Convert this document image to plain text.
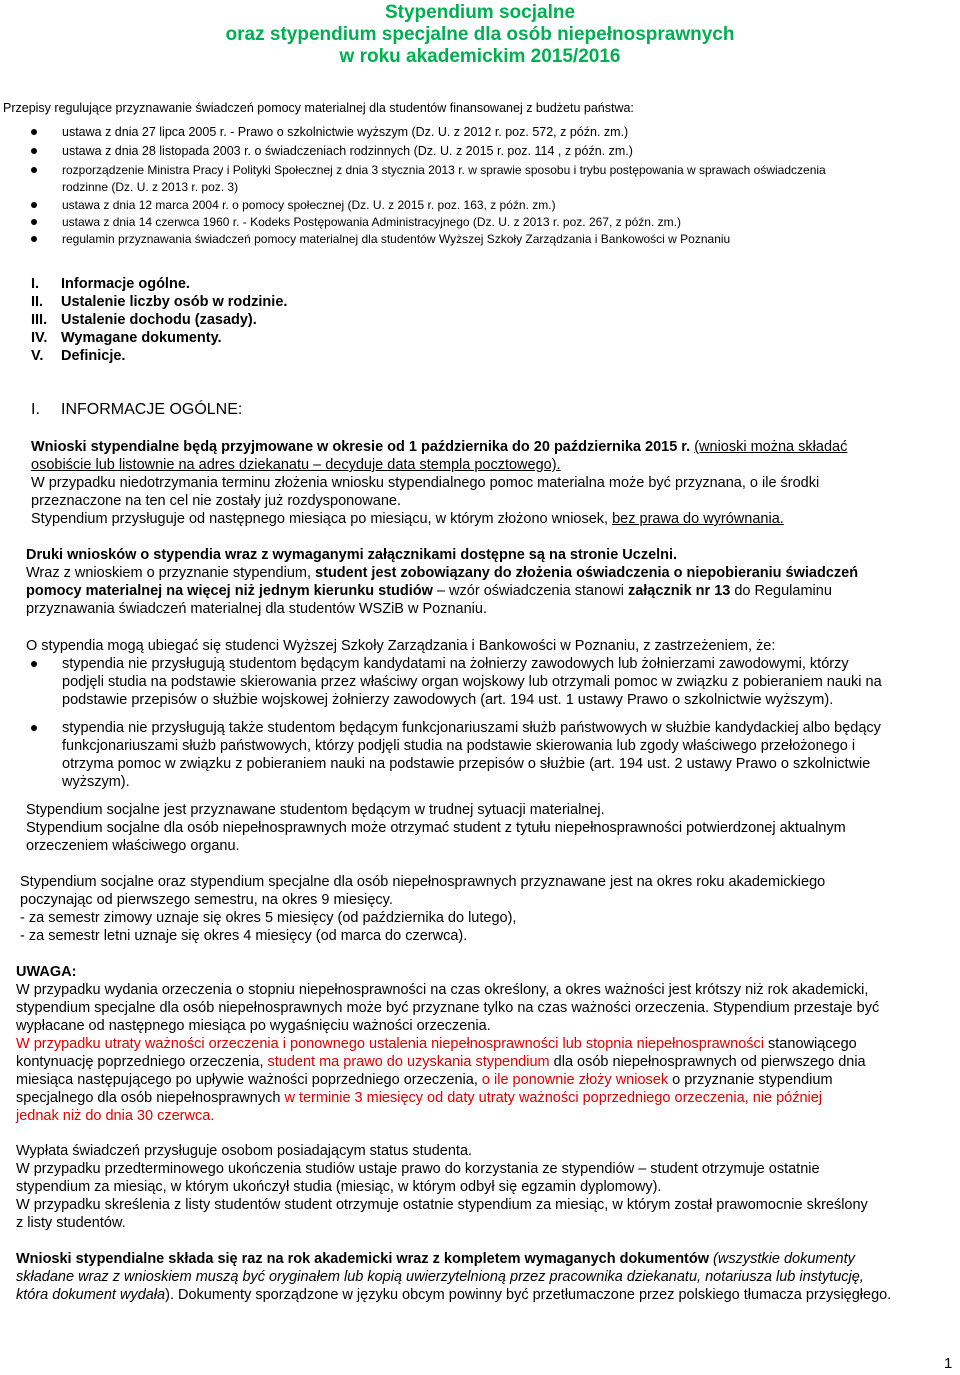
Stypendium socjalne
oraz stypendium specjalne dla osób niepełnosprawnych
w roku akademickim 2015/2016
Przepisy regulujące przyznawanie świadczeń pomocy materialnej dla studentów finansowanej z budżetu państwa:
ustawa z dnia 27 lipca 2005 r. - Prawo o szkolnictwie wyższym (Dz. U. z 2012 r. poz. 572, z późn. zm.)
ustawa z dnia 28 listopada 2003 r. o świadczeniach rodzinnych (Dz. U. z 2015 r. poz. 114 , z późn. zm.)
rozporządzenie Ministra Pracy i Polityki Społecznej z dnia 3 stycznia 2013 r. w sprawie sposobu i trybu postępowania w sprawach oświadczenia
rodzinne (Dz. U. z 2013 r. poz. 3)
ustawa z dnia 12 marca 2004 r. o pomocy społecznej (Dz. U. z 2015 r. poz. 163, z późn. zm.)
ustawa z dnia 14 czerwca 1960 r. - Kodeks Postępowania Administracyjnego (Dz. U. z 2013 r. poz. 267, z późn. zm.)
regulamin przyznawania świadczeń pomocy materialnej dla studentów Wyższej Szkoły Zarządzania i Bankowości w Poznaniu
I. Informacje ogólne.
II. Ustalenie liczby osób w rodzinie.
III. Ustalenie dochodu (zasady).
IV. Wymagane dokumenty.
V. Definicje.
I. INFORMACJE OGÓLNE:
Wnioski stypendialne będą przyjmowane w okresie od 1 października do 20 października 2015 r. (wnioski można składać
osobiście lub listownie na adres dziekanatu – decyduje data stempla pocztowego).
W przypadku niedotrzymania terminu złożenia wniosku stypendialnego pomoc materialna może być przyznana, o ile środki
przeznaczone na ten cel nie zostały już rozdysponowane.
Stypendium przysługuje od następnego miesiąca po miesiącu, w którym złożono wniosek, bez prawa do wyrównania.
Druki wniosków o stypendia wraz z wymaganymi załącznikami dostępne są na stronie Uczelni.
Wraz z wnioskiem o przyznanie stypendium, student jest zobowiązany do złożenia oświadczenia o niepobieraniu świadczeń
pomocy materialnej na więcej niż jednym kierunku studiów – wzór oświadczenia stanowi załącznik nr 13 do Regulaminu
przyznawania świadczeń materialnej dla studentów WSZiB w Poznaniu.
O stypendia mogą ubiegać się studenci Wyższej Szkoły Zarządzania i Bankowości w Poznaniu, z zastrzeżeniem, że:
stypendia nie przysługują studentom będącym kandydatami na żołnierzy zawodowych lub żołnierzami zawodowymi, którzy
podjęli studia na podstawie skierowania przez właściwy organ wojskowy lub otrzymali pomoc w związku z pobieraniem nauki na
podstawie przepisów o służbie wojskowej żołnierzy zawodowych (art. 194 ust. 1 ustawy Prawo o szkolnictwie wyższym).
stypendia nie przysługują także studentom będącym funkcjonariuszami służb państwowych w służbie kandydackiej albo będący
funkcjonariuszami służb państwowych, którzy podjęli studia na podstawie skierowania lub zgody właściwego przełożonego i
otrzyma pomoc w związku z pobieraniem nauki na podstawie przepisów o służbie (art. 194 ust. 2 ustawy Prawo o szkolnictwie
wyższym).
Stypendium socjalne jest przyznawane studentom będącym w trudnej sytuacji materialnej.
Stypendium socjalne dla osób niepełnosprawnych może otrzymać student z tytułu niepełnosprawności potwierdzonej aktualnym
orzeczeniem właściwego organu.
Stypendium socjalne oraz stypendium specjalne dla osób niepełnosprawnych przyznawane jest na okres roku akademickiego
poczynając od pierwszego semestru, na okres 9 miesięcy.
- za semestr zimowy uznaje się okres 5 miesięcy (od października do lutego),
- za semestr letni uznaje się okres 4 miesięcy (od marca do czerwca).
UWAGA:
W przypadku wydania orzeczenia o stopniu niepełnosprawności na czas określony, a okres ważności jest krótszy niż rok akademicki,
stypendium specjalne dla osób niepełnosprawnych może być przyznane tylko na czas ważności orzeczenia. Stypendium przestaje być
wypłacane od następnego miesiąca po wygaśnięciu ważności orzeczenia.
W przypadku utraty ważności orzeczenia i ponownego ustalenia niepełnosprawności lub stopnia niepełnosprawności stanowiącego
kontynuację poprzedniego orzeczenia, student ma prawo do uzyskania stypendium dla osób niepełnosprawnych od pierwszego dnia
miesiąca następującego po upływie ważności poprzedniego orzeczenia, o ile ponownie złoży wniosek o przyznanie stypendium
specjalnego dla osób niepełnosprawnych w terminie 3 miesięcy od daty utraty ważności poprzedniego orzeczenia, nie później
jednak niż do dnia 30 czerwca.
Wypłata świadczeń przysługuje osobom posiadającym status studenta.
W przypadku przedterminowego ukończenia studiów ustaje prawo do korzystania ze stypendiów – student otrzymuje ostatnie
stypendium za miesiąc, w którym ukończył studia (miesiąc, w którym odbył się egzamin dyplomowy).
W przypadku skreślenia z listy studentów student otrzymuje ostatnie stypendium za miesiąc, w którym został prawomocnie skreślony
z listy studentów.
Wnioski stypendialne składa się raz na rok akademicki wraz z kompletem wymaganych dokumentów (wszystkie dokumenty
składane wraz z wnioskiem muszą być oryginałem lub kopią uwierzytelnioną przez pracownika dziekanatu, notariusza lub instytucję,
która dokument wydała). Dokumenty sporządzone w języku obcym powinny być przetłumaczone przez polskiego tłumacza przysięgłego.
1
